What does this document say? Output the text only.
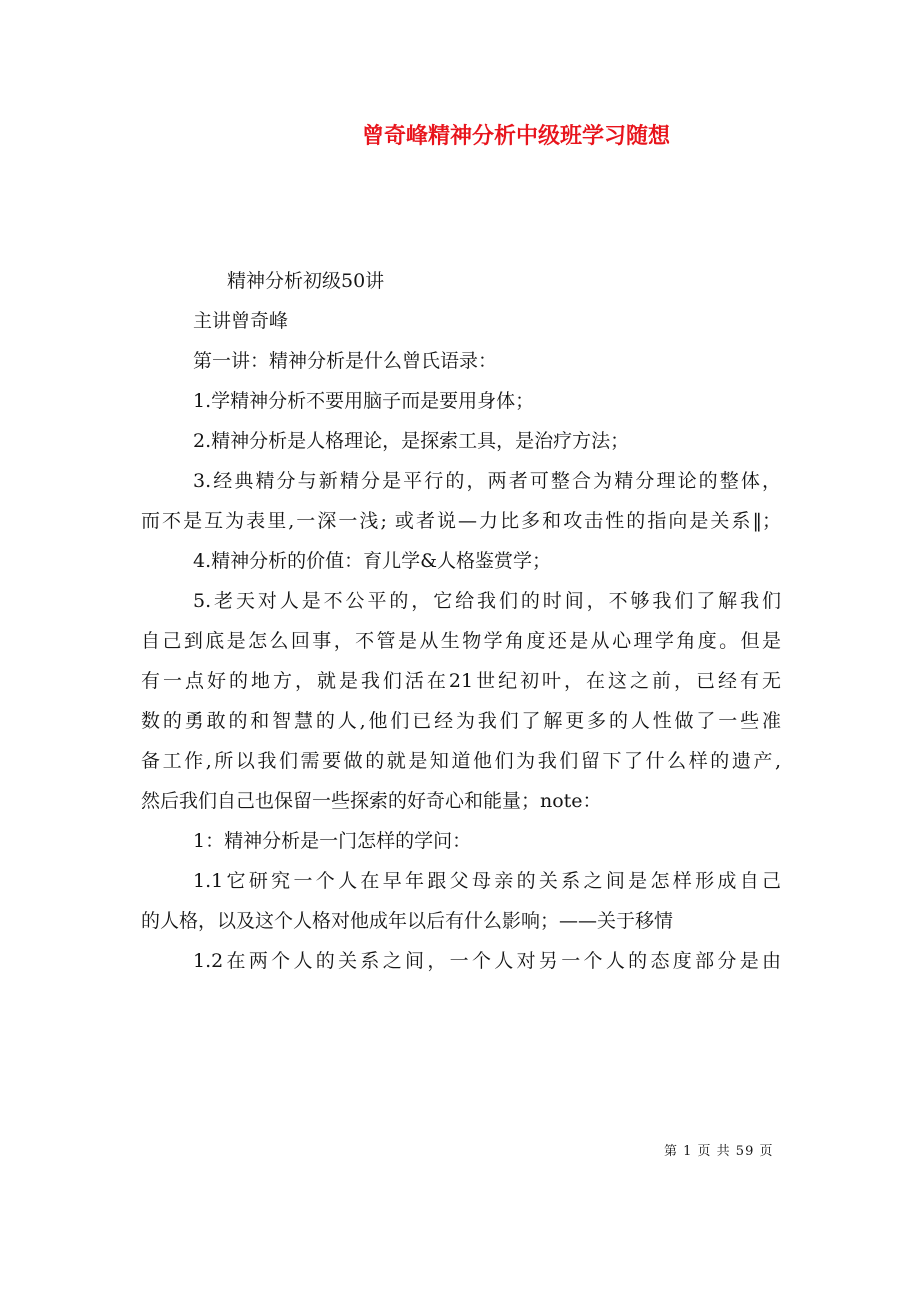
曾奇峰精神分析中级班学习随想
精神分析初级50讲
主讲曾奇峰
第一讲：精神分析是什么曾氏语录：
1.学精神分析不要用脑子而是要用身体；
2.精神分析是人格理论，是探索工具，是治疗方法；
3.经典精分与新精分是平行的，两者可整合为精分理论的整体，
而不是互为表里,一深一浅; 或者说—力比多和攻击性的指向是关系‖；
4.精神分析的价值：育儿学&人格鉴赏学；
5.老天对人是不公平的，它给我们的时间，不够我们了解我们
自己到底是怎么回事，不管是从生物学角度还是从心理学角度。但是
有一点好的地方，就是我们活在21世纪初叶，在这之前，已经有无
数的勇敢的和智慧的人,他们已经为我们了解更多的人性做了一些准
备工作,所以我们需要做的就是知道他们为我们留下了什么样的遗产,
然后我们自己也保留一些探索的好奇心和能量；note：
1：精神分析是一门怎样的学问：
1.1它研究一个人在早年跟父母亲的关系之间是怎样形成自己
的人格，以及这个人格对他成年以后有什么影响；——关于移情
1.2在两个人的关系之间，一个人对另一个人的态度部分是由
第 1 页 共 59 页
